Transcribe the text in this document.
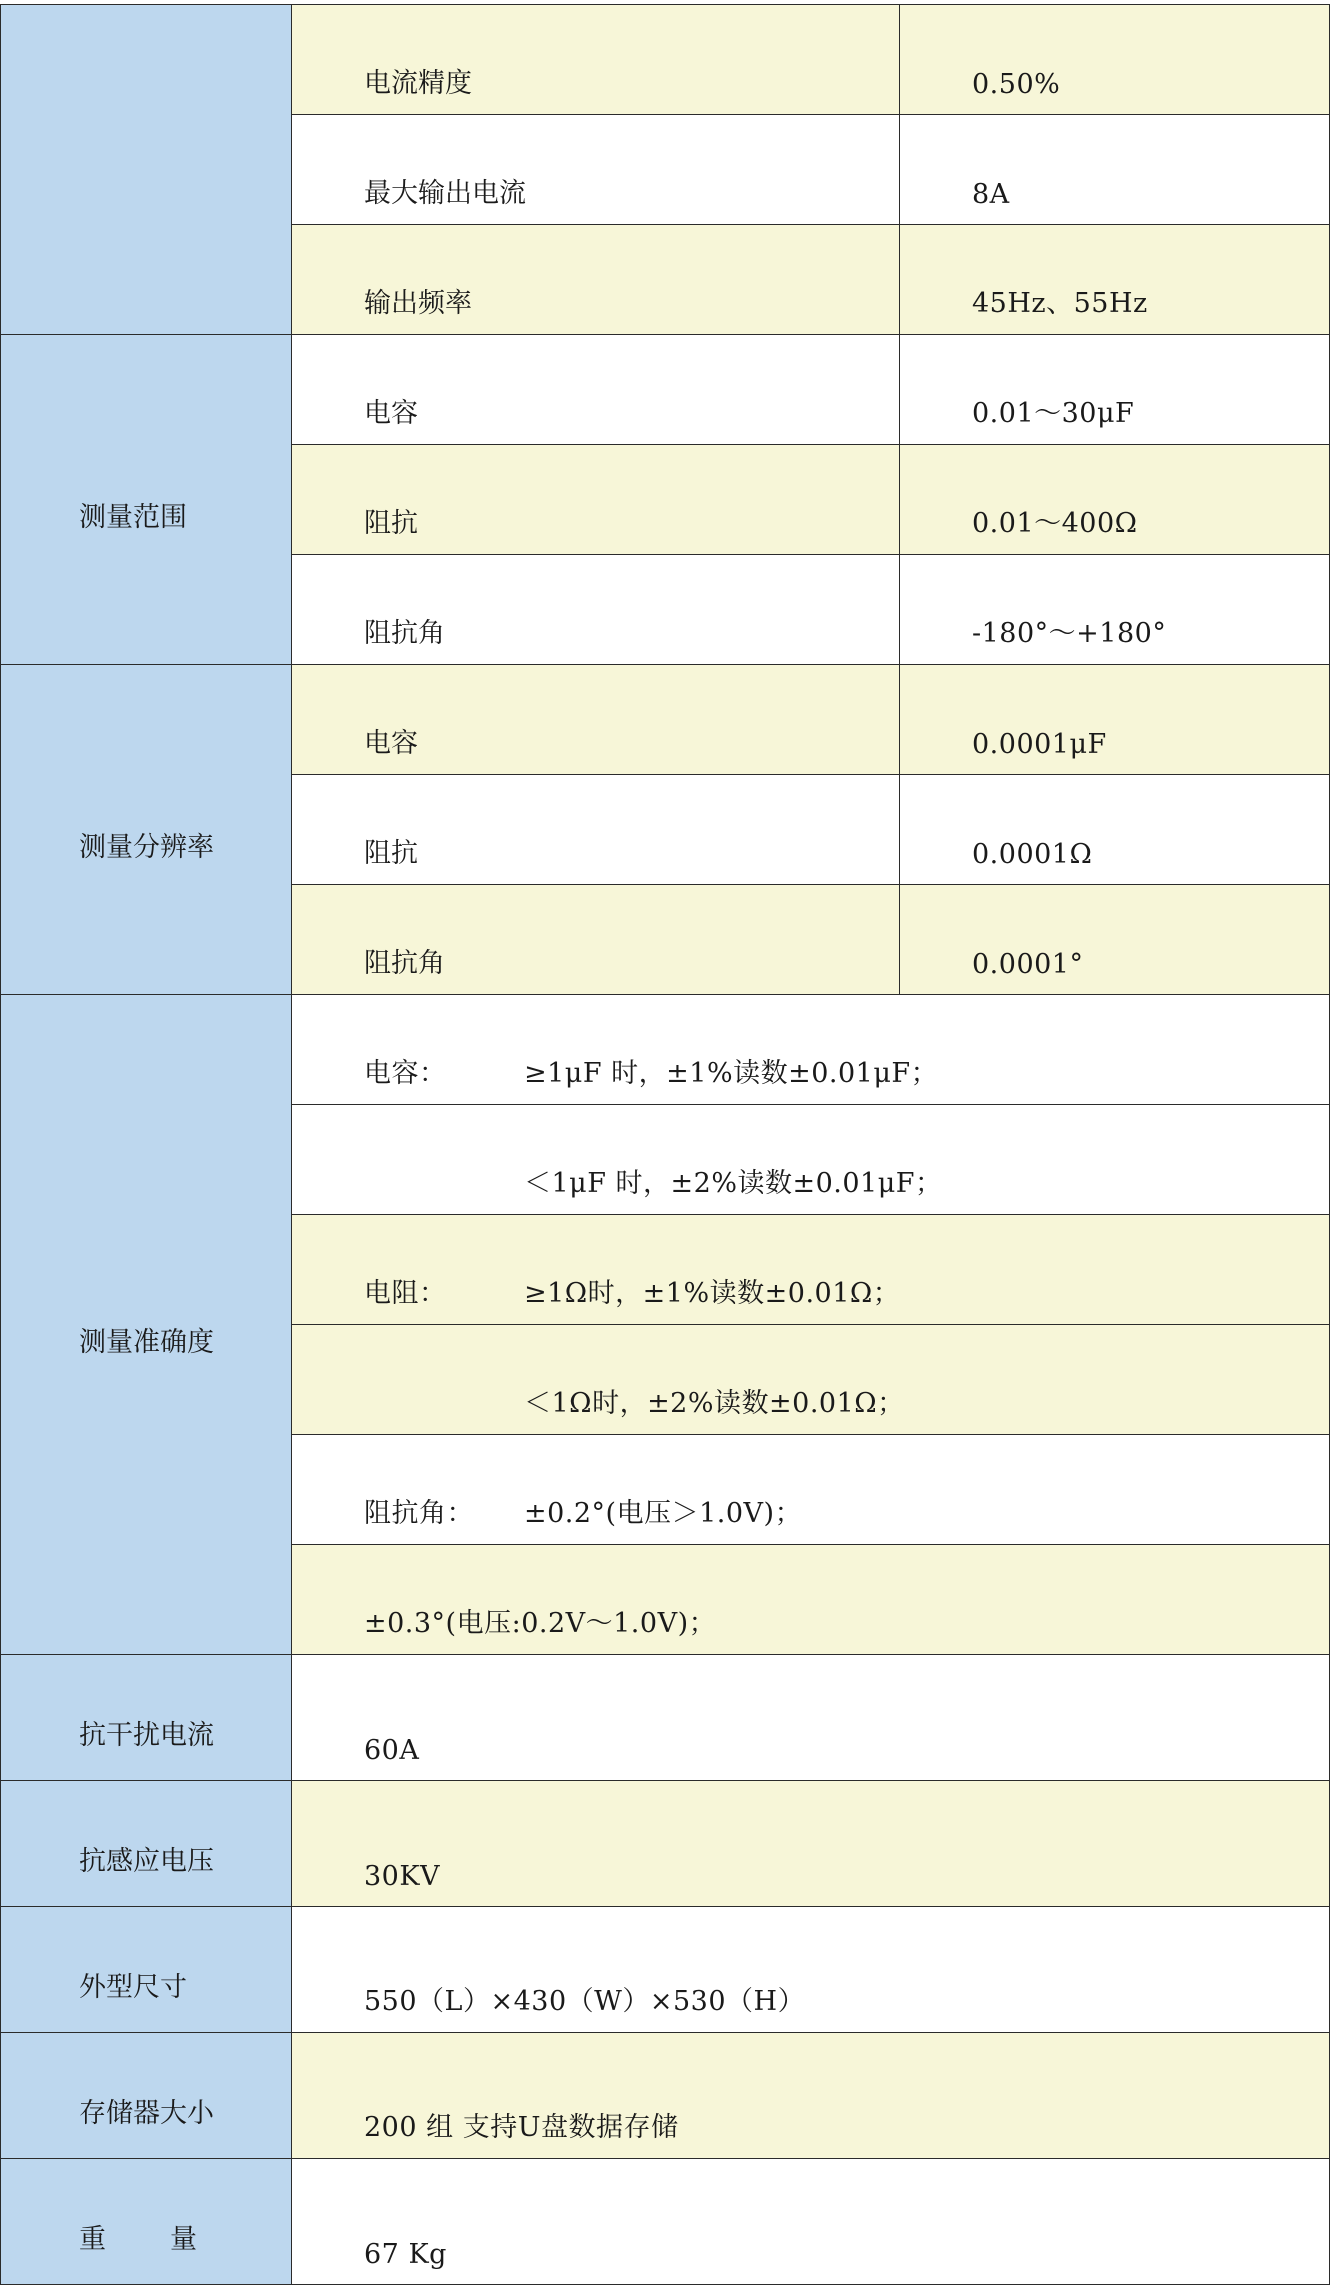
	电流精度	0.50%
	最大输出电流	8A
	输出频率	45Hz、55Hz
测量范围	电容	0.01～30μF
	阻抗	0.01～400Ω
	阻抗角	-180°～+180°
测量分辨率	电容	0.0001μF
	阻抗	0.0001Ω
	阻抗角	0.0001°
测量准确度	电容： ≥1μF 时，±1%读数±0.01μF；	
	＜1μF 时，±2%读数±0.01μF；	
	电阻： ≥1Ω时，±1%读数±0.01Ω；	
	＜1Ω时，±2%读数±0.01Ω；	
	阻抗角： ±0.2°(电压＞1.0V)；	
	±0.3°(电压:0.2V～1.0V)；	
抗干扰电流	60A	
抗感应电压	30KV	
外型尺寸	550（L）×430（W）×530（H）	
存储器大小	200 组 支持U盘数据存储	
重 量	67 Kg	
